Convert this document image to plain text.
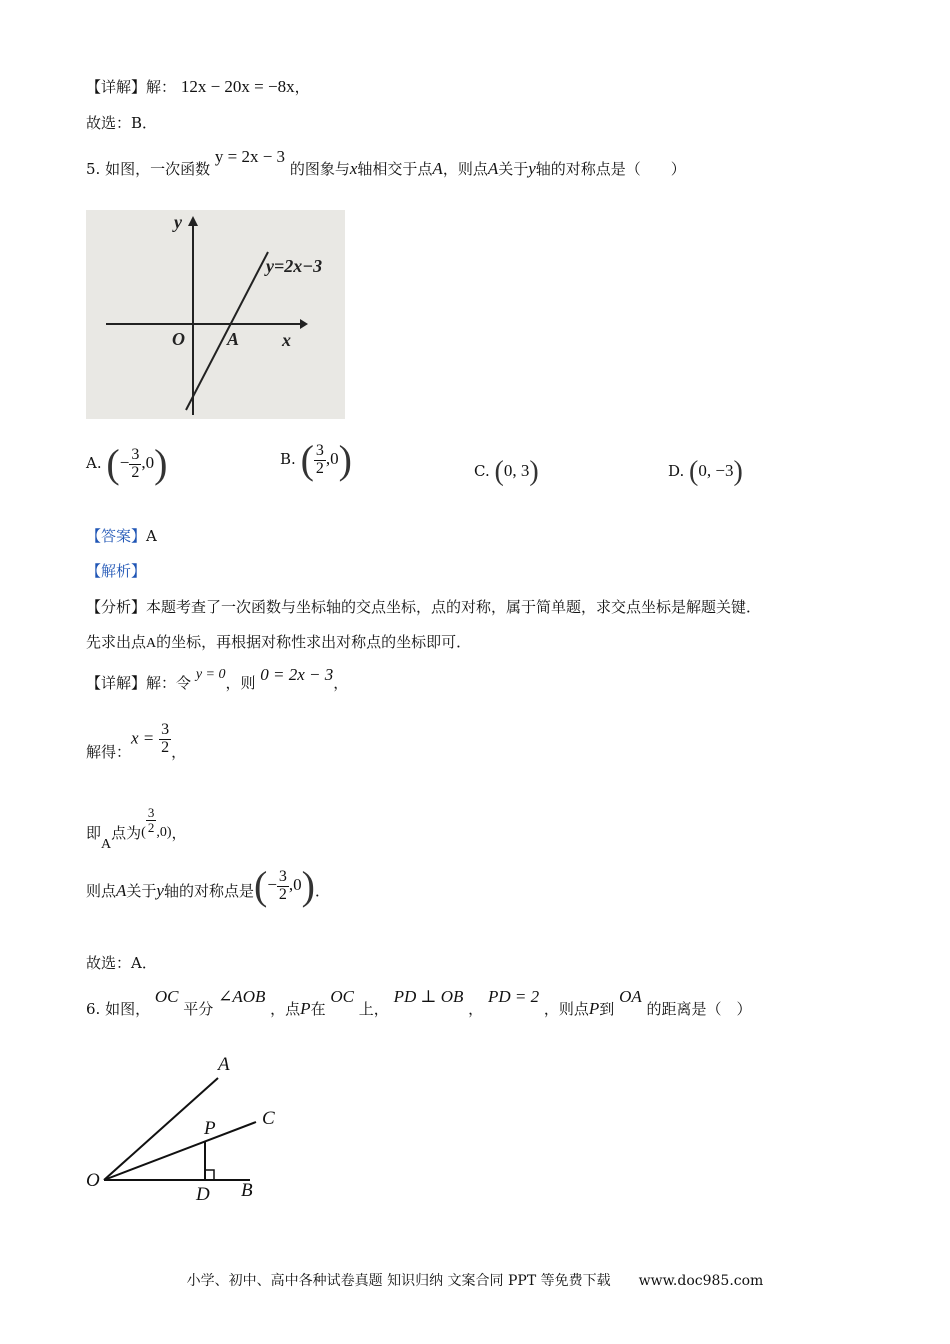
【详解】解： 12x − 20x = −8x，
故选：B．
5. 如图，一次函数 y = 2x − 3 的图象与x轴相交于点A，则点A关于y轴的对称点是（　　）
y
x
O A
y=2x−3
A. (− $\frac{3}{2} ,0$)	B. ( $\frac{3}{2} ,0$)	C. (0, 3)	D. (0, −3)
【答案】A
【解析】
【分析】本题考查了一次函数与坐标轴的交点坐标，点的对称，属于简单题，求交点坐标是解题关键．
先求出点A的坐标，再根据对称性求出对称点的坐标即可．
【详解】解：令 y = 0，则 0 = 2x − 3，
解得：$x = \frac{3}{2}$ ，
即A点为( $\frac{3}{2} ,0$)，
则点A关于y轴的对称点是(− $\frac{3}{2} ,0$)．
故选：A．
6. 如图， OC 平分 ∠AOB ，点P在 OC 上， PD ⊥ OB ， PD = 2 ，则点P到 OA 的距离是（　）
A
C
P
O
D B
小学、初中、高中各种试卷真题 知识归纳 文案合同 PPT 等免费下载　　www.doc985.com
